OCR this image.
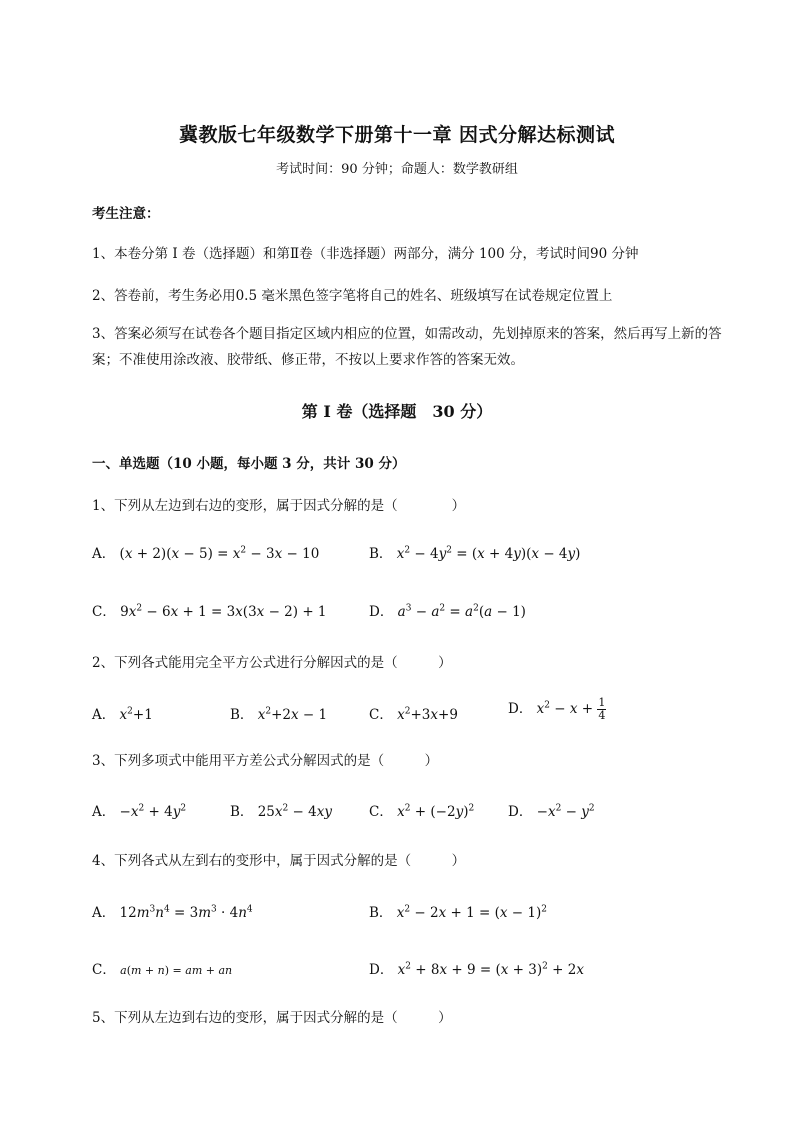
冀教版七年级数学下册第十一章 因式分解达标测试
考试时间：90 分钟；命题人：数学教研组
考生注意：
1、本卷分第 I 卷（选择题）和第Ⅱ卷（非选择题）两部分，满分 100 分，考试时间90 分钟
2、答卷前，考生务必用0.5 毫米黑色签字笔将自己的姓名、班级填写在试卷规定位置上
3、答案必须写在试卷各个题目指定区域内相应的位置，如需改动，先划掉原来的答案，然后再写上新的答案；不准使用涂改液、胶带纸、修正带，不按以上要求作答的答案无效。
第 I 卷（选择题　30 分）
一、单选题（10 小题，每小题 3 分，共计 30 分）
1、下列从左边到右边的变形，属于因式分解的是（　　　　）
A． $(x + 2)(x - 5) = x^2 - 3x - 10$	B． $x^2 - 4y^2 = (x + 4y)(x - 4y)$
C． $9x^2 - 6x + 1 = 3x(3x - 2) + 1$	D． $a^3 - a^2 = a^2(a - 1)$
2、下列各式能用完全平方公式进行分解因式的是（　　　）
A． $x^2+1$	B． $x^2+2x - 1$	C． $x^2+3x+9$	D． $x^2 - x + \frac{1}{4}$
3、下列多项式中能用平方差公式分解因式的是（　　　）
A． $-x^2 + 4y^2$	B． $25x^2 - 4xy$	C． $x^2 + (-2y)^2$	D． $-x^2 - y^2$
4、下列各式从左到右的变形中，属于因式分解的是（　　　）
A． $12m^3n^4 = 3m^3 \cdot 4n^4$	B． $x^2 - 2x + 1 = (x - 1)^2$
C． a(m + n) = am + an	D． $x^2 + 8x + 9 = (x + 3)^2 + 2x$
5、下列从左边到右边的变形，属于因式分解的是（　　　）
